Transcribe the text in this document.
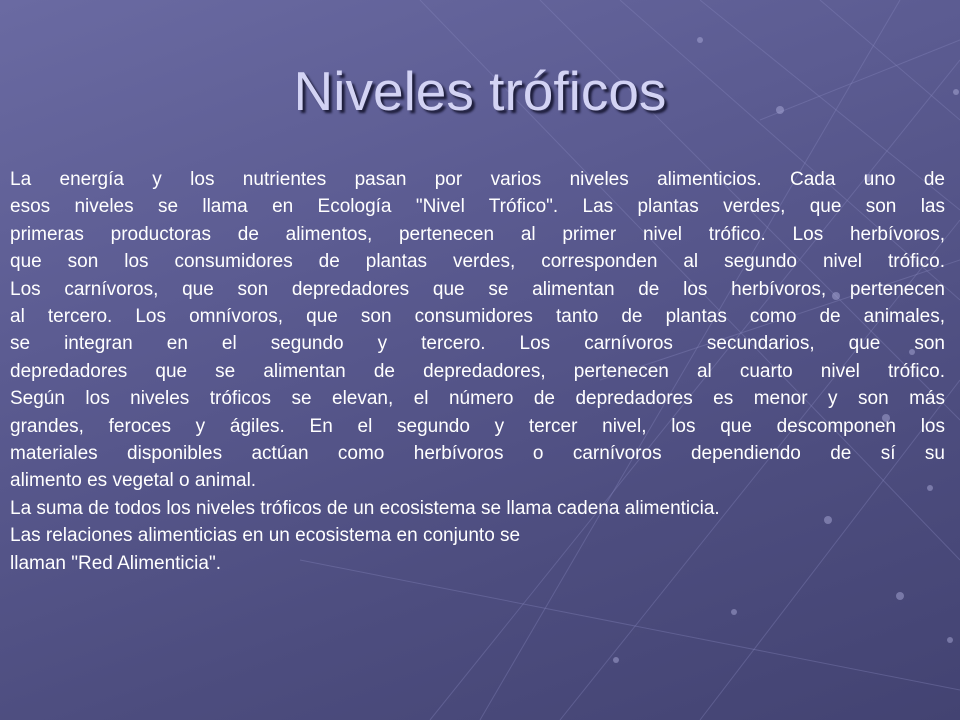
Niveles tróficos

La energía y los nutrientes pasan por varios niveles alimenticios. Cada uno de

esos niveles se llama en Ecología "Nivel Trófico". Las plantas verdes, que son las

primeras productoras de alimentos, pertenecen al primer nivel trófico. Los herbívoros,

que son los consumidores de plantas verdes, corresponden al segundo nivel trófico.

Los carnívoros, que son depredadores que se alimentan de los herbívoros, pertenecen

al tercero. Los omnívoros, que son consumidores tanto de plantas como de animales,

se integran en el segundo y tercero. Los carnívoros secundarios, que son

depredadores que se alimentan de depredadores, pertenecen al cuarto nivel trófico.

Según los niveles tróficos se elevan, el número de depredadores es menor y son más

grandes, feroces y ágiles. En el segundo y tercer nivel, los que descomponen los

materiales disponibles actúan como herbívoros o carnívoros dependiendo de sí su

alimento es vegetal o animal.

La suma de todos los niveles tróficos de un ecosistema se llama cadena alimenticia.

Las relaciones alimenticias en un ecosistema en conjunto se

llaman "Red Alimenticia".
